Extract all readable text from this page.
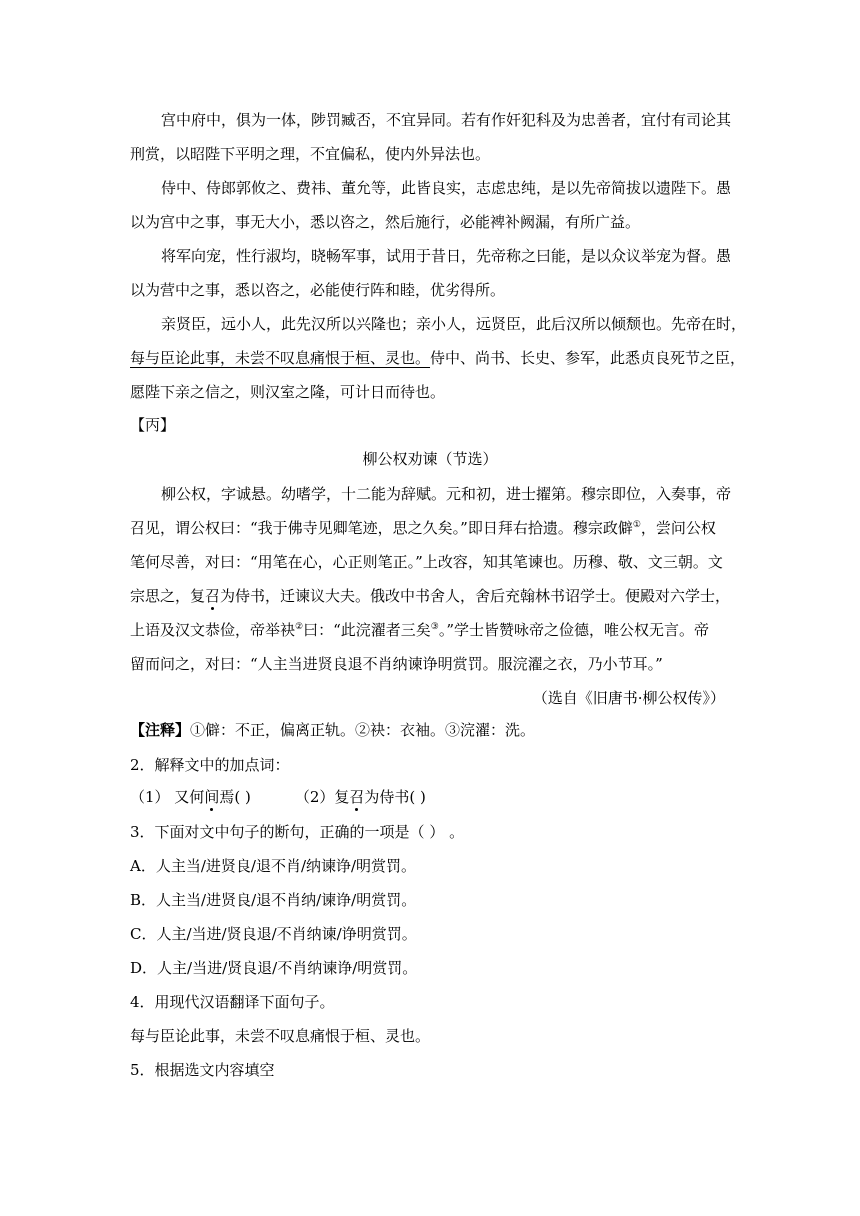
宫中府中，俱为一体，陟罚臧否，不宜异同。若有作奸犯科及为忠善者，宜付有司论其
刑赏，以昭陛下平明之理，不宜偏私，使内外异法也。
侍中、侍郎郭攸之、费祎、董允等，此皆良实，志虑忠纯，是以先帝简拔以遗陛下。愚
以为宫中之事，事无大小，悉以咨之，然后施行，必能裨补阙漏，有所广益。
将军向宠，性行淑均，晓畅军事，试用于昔日，先帝称之曰能，是以众议举宠为督。愚
以为营中之事，悉以咨之，必能使行阵和睦，优劣得所。
亲贤臣，远小人，此先汉所以兴隆也；亲小人，远贤臣，此后汉所以倾颓也。先帝在时，
每与臣论此事，未尝不叹息痛恨于桓、灵也。侍中、尚书、长史、参军，此悉贞良死节之臣，
愿陛下亲之信之，则汉室之隆，可计日而待也。
【丙】
柳公权劝谏（节选）
柳公权，字诚悬。幼嗜学，十二能为辞赋。元和初，进士擢第。穆宗即位，入奏事，帝
召见，谓公权曰：“我于佛寺见卿笔迹，思之久矣。”即日拜右拾遗。穆宗政僻①，尝问公权
笔何尽善，对曰：“用笔在心，心正则笔正。”上改容，知其笔谏也。历穆、敬、文三朝。文
宗思之，复召为侍书，迁谏议大夫。俄改中书舍人，舍后充翰林书诏学士。便殿对六学士，
上语及汉文恭俭，帝举袂②曰：“此浣濯者三矣③。”学士皆赞咏帝之俭德，唯公权无言。帝
留而问之，对曰：“人主当进贤良退不肖纳谏诤明赏罚。服浣濯之衣，乃小节耳。”
（选自《旧唐书·柳公权传》）
【注释】①僻：不正，偏离正轨。②袂：衣袖。③浣濯：洗。
2．解释文中的加点词：
（1） 又何间焉( )	（2）复召为侍书( )
3．下面对文中句子的断句，正确的一项是（ ） 。
A．人主当/进贤良/退不肖/纳谏诤/明赏罚。
B．人主当/进贤良/退不肖纳/谏诤/明赏罚。
C．人主/当进/贤良退/不肖纳谏/诤明赏罚。
D．人主/当进/贤良退/不肖纳谏诤/明赏罚。
4．用现代汉语翻译下面句子。
每与臣论此事，未尝不叹息痛恨于桓、灵也。
5．根据选文内容填空
